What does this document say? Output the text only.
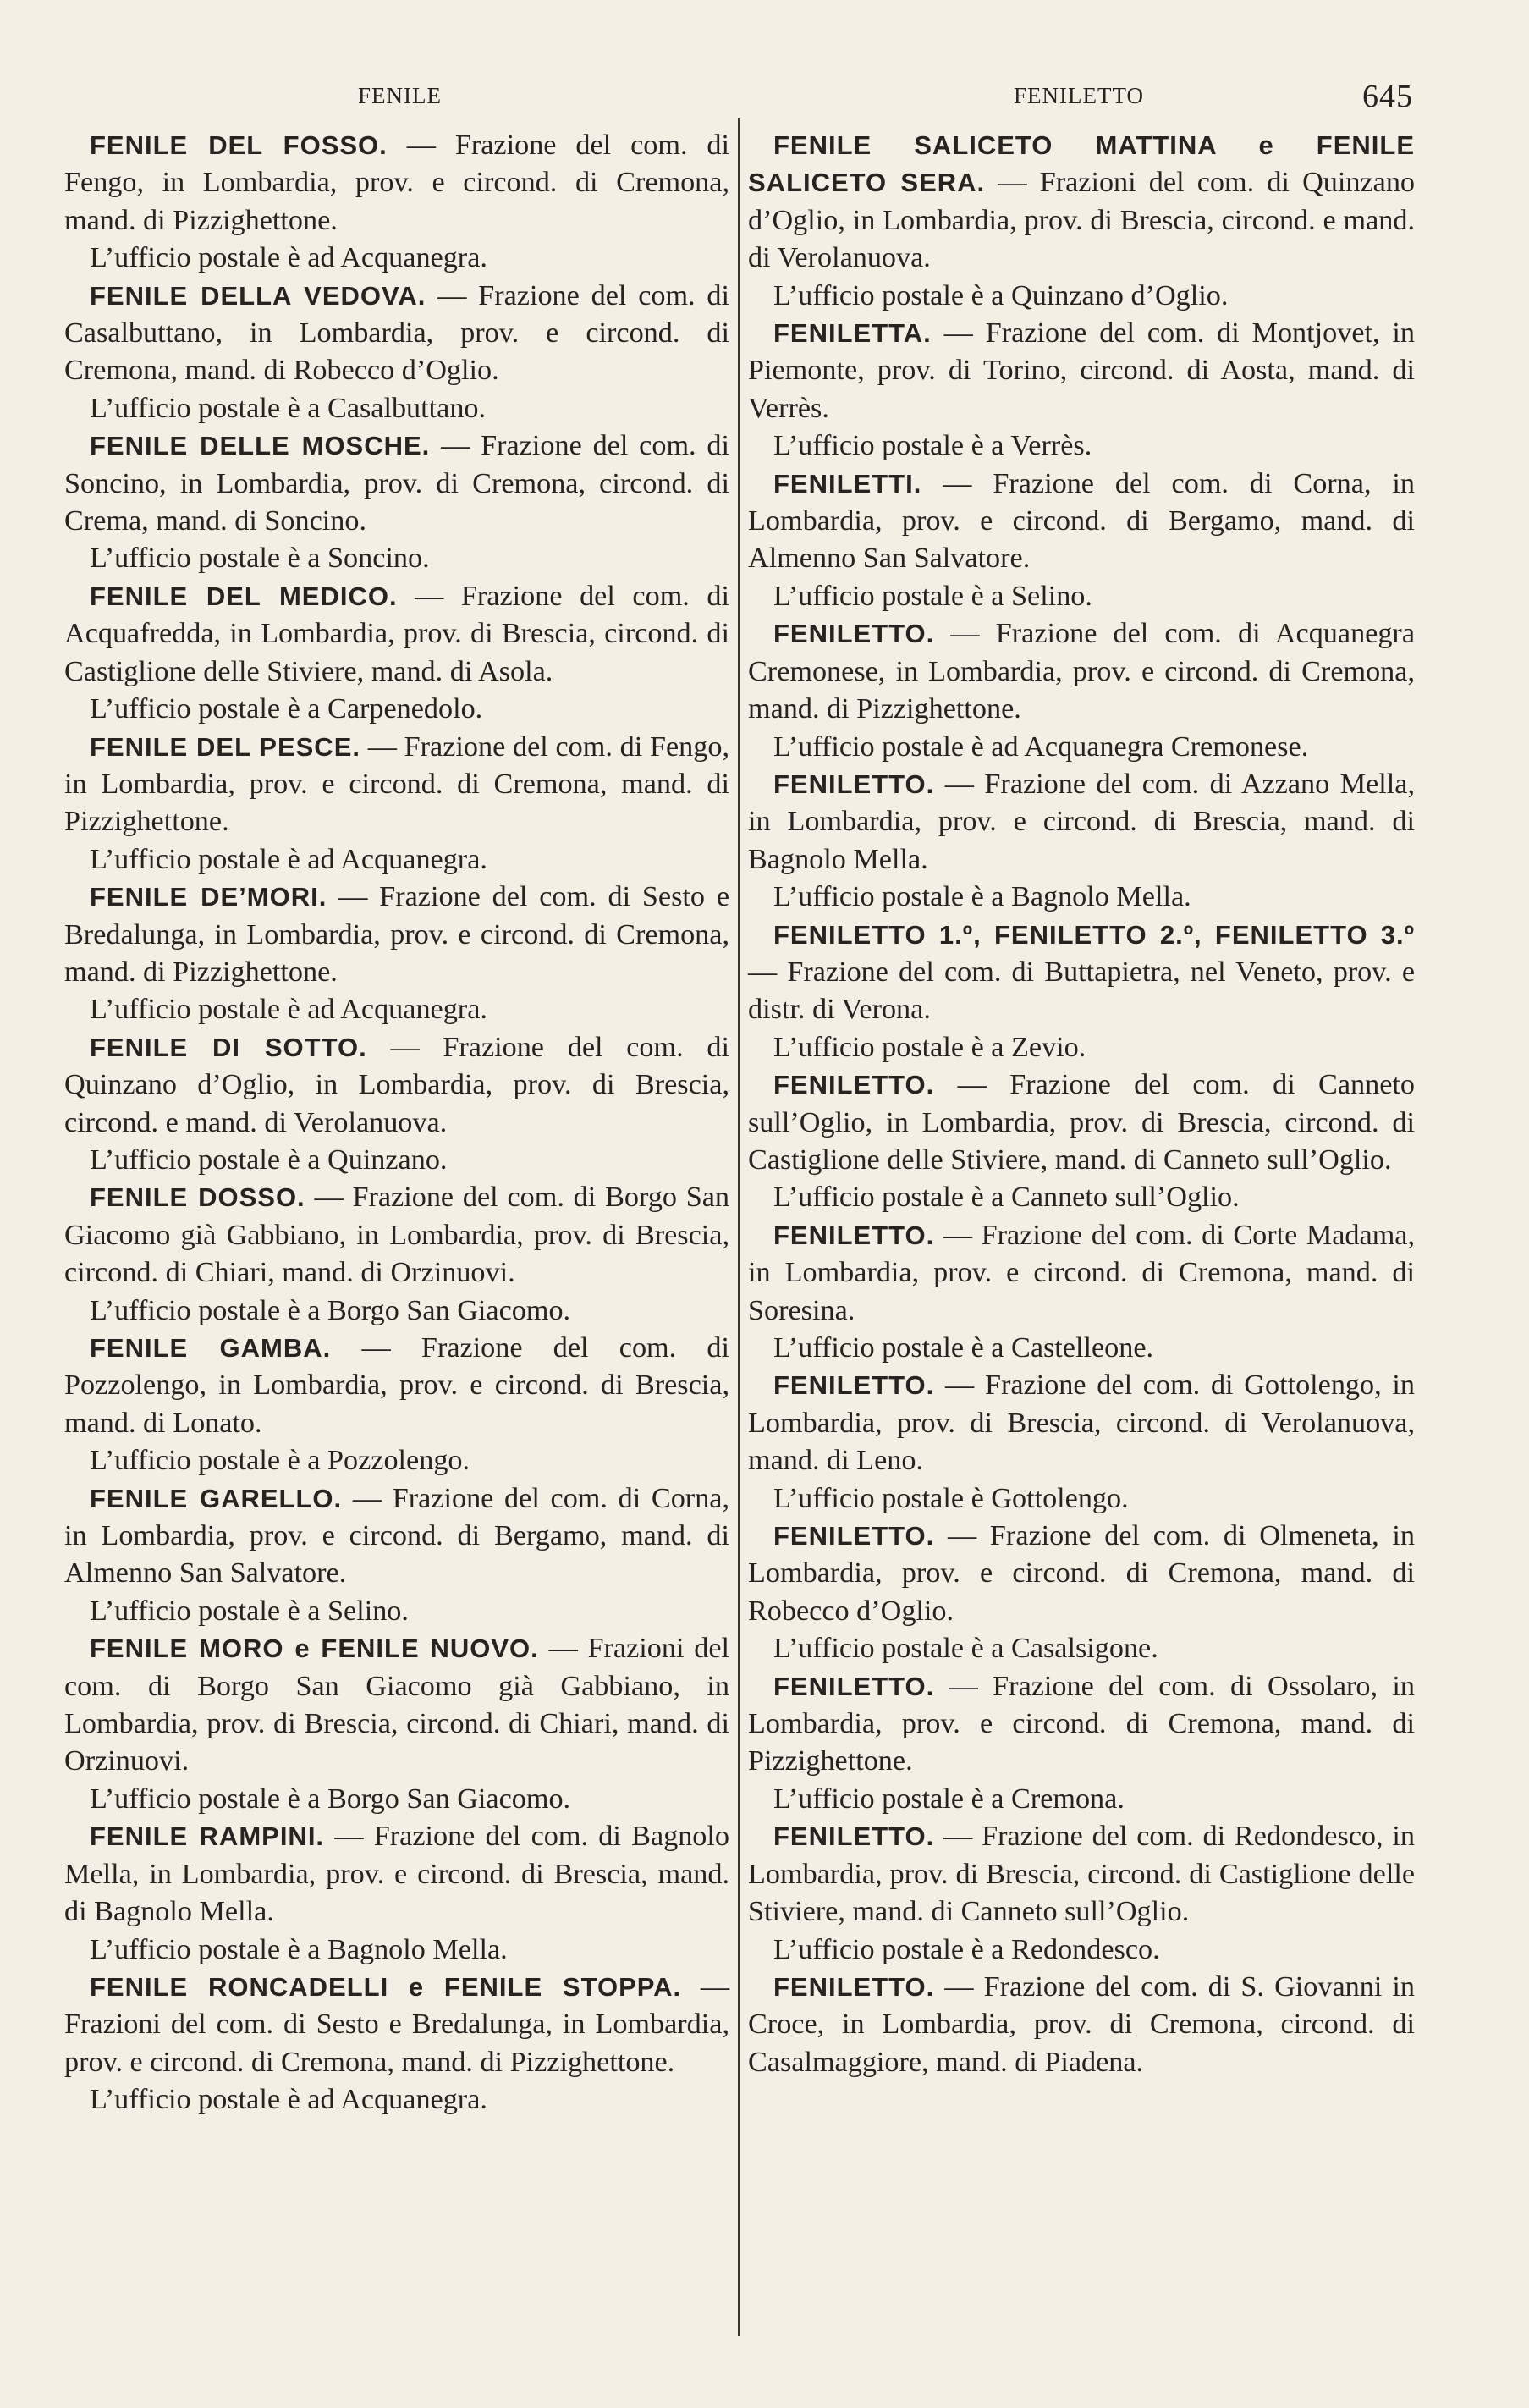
FENILE	FENILETTO	645

FENILE DEL FOSSO. — Frazione del com. di Fengo, in Lombardia, prov. e circond. di Cremona, mand. di Pizzighettone.

L’ufficio postale è ad Acquanegra.

FENILE DELLA VEDOVA. — Frazione del com. di Casalbuttano, in Lombardia, prov. e circond. di Cremona, mand. di Robecco d’Oglio.

L’ufficio postale è a Casalbuttano.

FENILE DELLE MOSCHE. — Frazione del com. di Soncino, in Lombardia, prov. di Cremona, circond. di Crema, mand. di Soncino.

L’ufficio postale è a Soncino.

FENILE DEL MEDICO. — Frazione del com. di Acquafredda, in Lombardia, prov. di Brescia, circond. di Castiglione delle Stiviere, mand. di Asola.

L’ufficio postale è a Carpenedolo.

FENILE DEL PESCE. — Frazione del com. di Fengo, in Lombardia, prov. e circond. di Cremona, mand. di Pizzighettone.

L’ufficio postale è ad Acquanegra.

FENILE DE’MORI. — Frazione del com. di Sesto e Bredalunga, in Lombardia, prov. e circond. di Cremona, mand. di Pizzighettone.

L’ufficio postale è ad Acquanegra.

FENILE DI SOTTO. — Frazione del com. di Quinzano d’Oglio, in Lombardia, prov. di Brescia, circond. e mand. di Verolanuova.

L’ufficio postale è a Quinzano.

FENILE DOSSO. — Frazione del com. di Borgo San Giacomo già Gabbiano, in Lombardia, prov. di Brescia, circond. di Chiari, mand. di Orzinuovi.

L’ufficio postale è a Borgo San Giacomo.

FENILE GAMBA. — Frazione del com. di Pozzolengo, in Lombardia, prov. e circond. di Brescia, mand. di Lonato.

L’ufficio postale è a Pozzolengo.

FENILE GARELLO. — Frazione del com. di Corna, in Lombardia, prov. e circond. di Bergamo, mand. di Almenno San Salvatore.

L’ufficio postale è a Selino.

FENILE MORO e FENILE NUOVO. — Frazioni del com. di Borgo San Giacomo già Gabbiano, in Lombardia, prov. di Brescia, circond. di Chiari, mand. di Orzinuovi.

L’ufficio postale è a Borgo San Giacomo.

FENILE RAMPINI. — Frazione del com. di Bagnolo Mella, in Lombardia, prov. e circond. di Brescia, mand. di Bagnolo Mella.

L’ufficio postale è a Bagnolo Mella.

FENILE RONCADELLI e FENILE STOPPA. — Frazioni del com. di Sesto e Bredalunga, in Lombardia, prov. e circond. di Cremona, mand. di Pizzighettone.

L’ufficio postale è ad Acquanegra.

FENILE SALICETO MATTINA e FENILE SALICETO SERA. — Frazioni del com. di Quinzano d’Oglio, in Lombardia, prov. di Brescia, circond. e mand. di Verolanuova.

L’ufficio postale è a Quinzano d’Oglio.

FENILETTA. — Frazione del com. di Montjovet, in Piemonte, prov. di Torino, circond. di Aosta, mand. di Verrès.

L’ufficio postale è a Verrès.

FENILETTI. — Frazione del com. di Corna, in Lombardia, prov. e circond. di Bergamo, mand. di Almenno San Salvatore.

L’ufficio postale è a Selino.

FENILETTO. — Frazione del com. di Acquanegra Cremonese, in Lombardia, prov. e circond. di Cremona, mand. di Pizzighettone.

L’ufficio postale è ad Acquanegra Cremonese.

FENILETTO. — Frazione del com. di Azzano Mella, in Lombardia, prov. e circond. di Brescia, mand. di Bagnolo Mella.

L’ufficio postale è a Bagnolo Mella.

FENILETTO 1.º, FENILETTO 2.º, FENILETTO 3.º — Frazione del com. di Buttapietra, nel Veneto, prov. e distr. di Verona.

L’ufficio postale è a Zevio.

FENILETTO. — Frazione del com. di Canneto sull’Oglio, in Lombardia, prov. di Brescia, circond. di Castiglione delle Stiviere, mand. di Canneto sull’Oglio.

L’ufficio postale è a Canneto sull’Oglio.

FENILETTO. — Frazione del com. di Corte Madama, in Lombardia, prov. e circond. di Cremona, mand. di Soresina.

L’ufficio postale è a Castelleone.

FENILETTO. — Frazione del com. di Gottolengo, in Lombardia, prov. di Brescia, circond. di Verolanuova, mand. di Leno.

L’ufficio postale è Gottolengo.

FENILETTO. — Frazione del com. di Olmeneta, in Lombardia, prov. e circond. di Cremona, mand. di Robecco d’Oglio.

L’ufficio postale è a Casalsigone.

FENILETTO. — Frazione del com. di Ossolaro, in Lombardia, prov. e circond. di Cremona, mand. di Pizzighettone.

L’ufficio postale è a Cremona.

FENILETTO. — Frazione del com. di Redondesco, in Lombardia, prov. di Brescia, circond. di Castiglione delle Stiviere, mand. di Canneto sull’Oglio.

L’ufficio postale è a Redondesco.

FENILETTO. — Frazione del com. di S. Giovanni in Croce, in Lombardia, prov. di Cremona, circond. di Casalmaggiore, mand. di Piadena.
